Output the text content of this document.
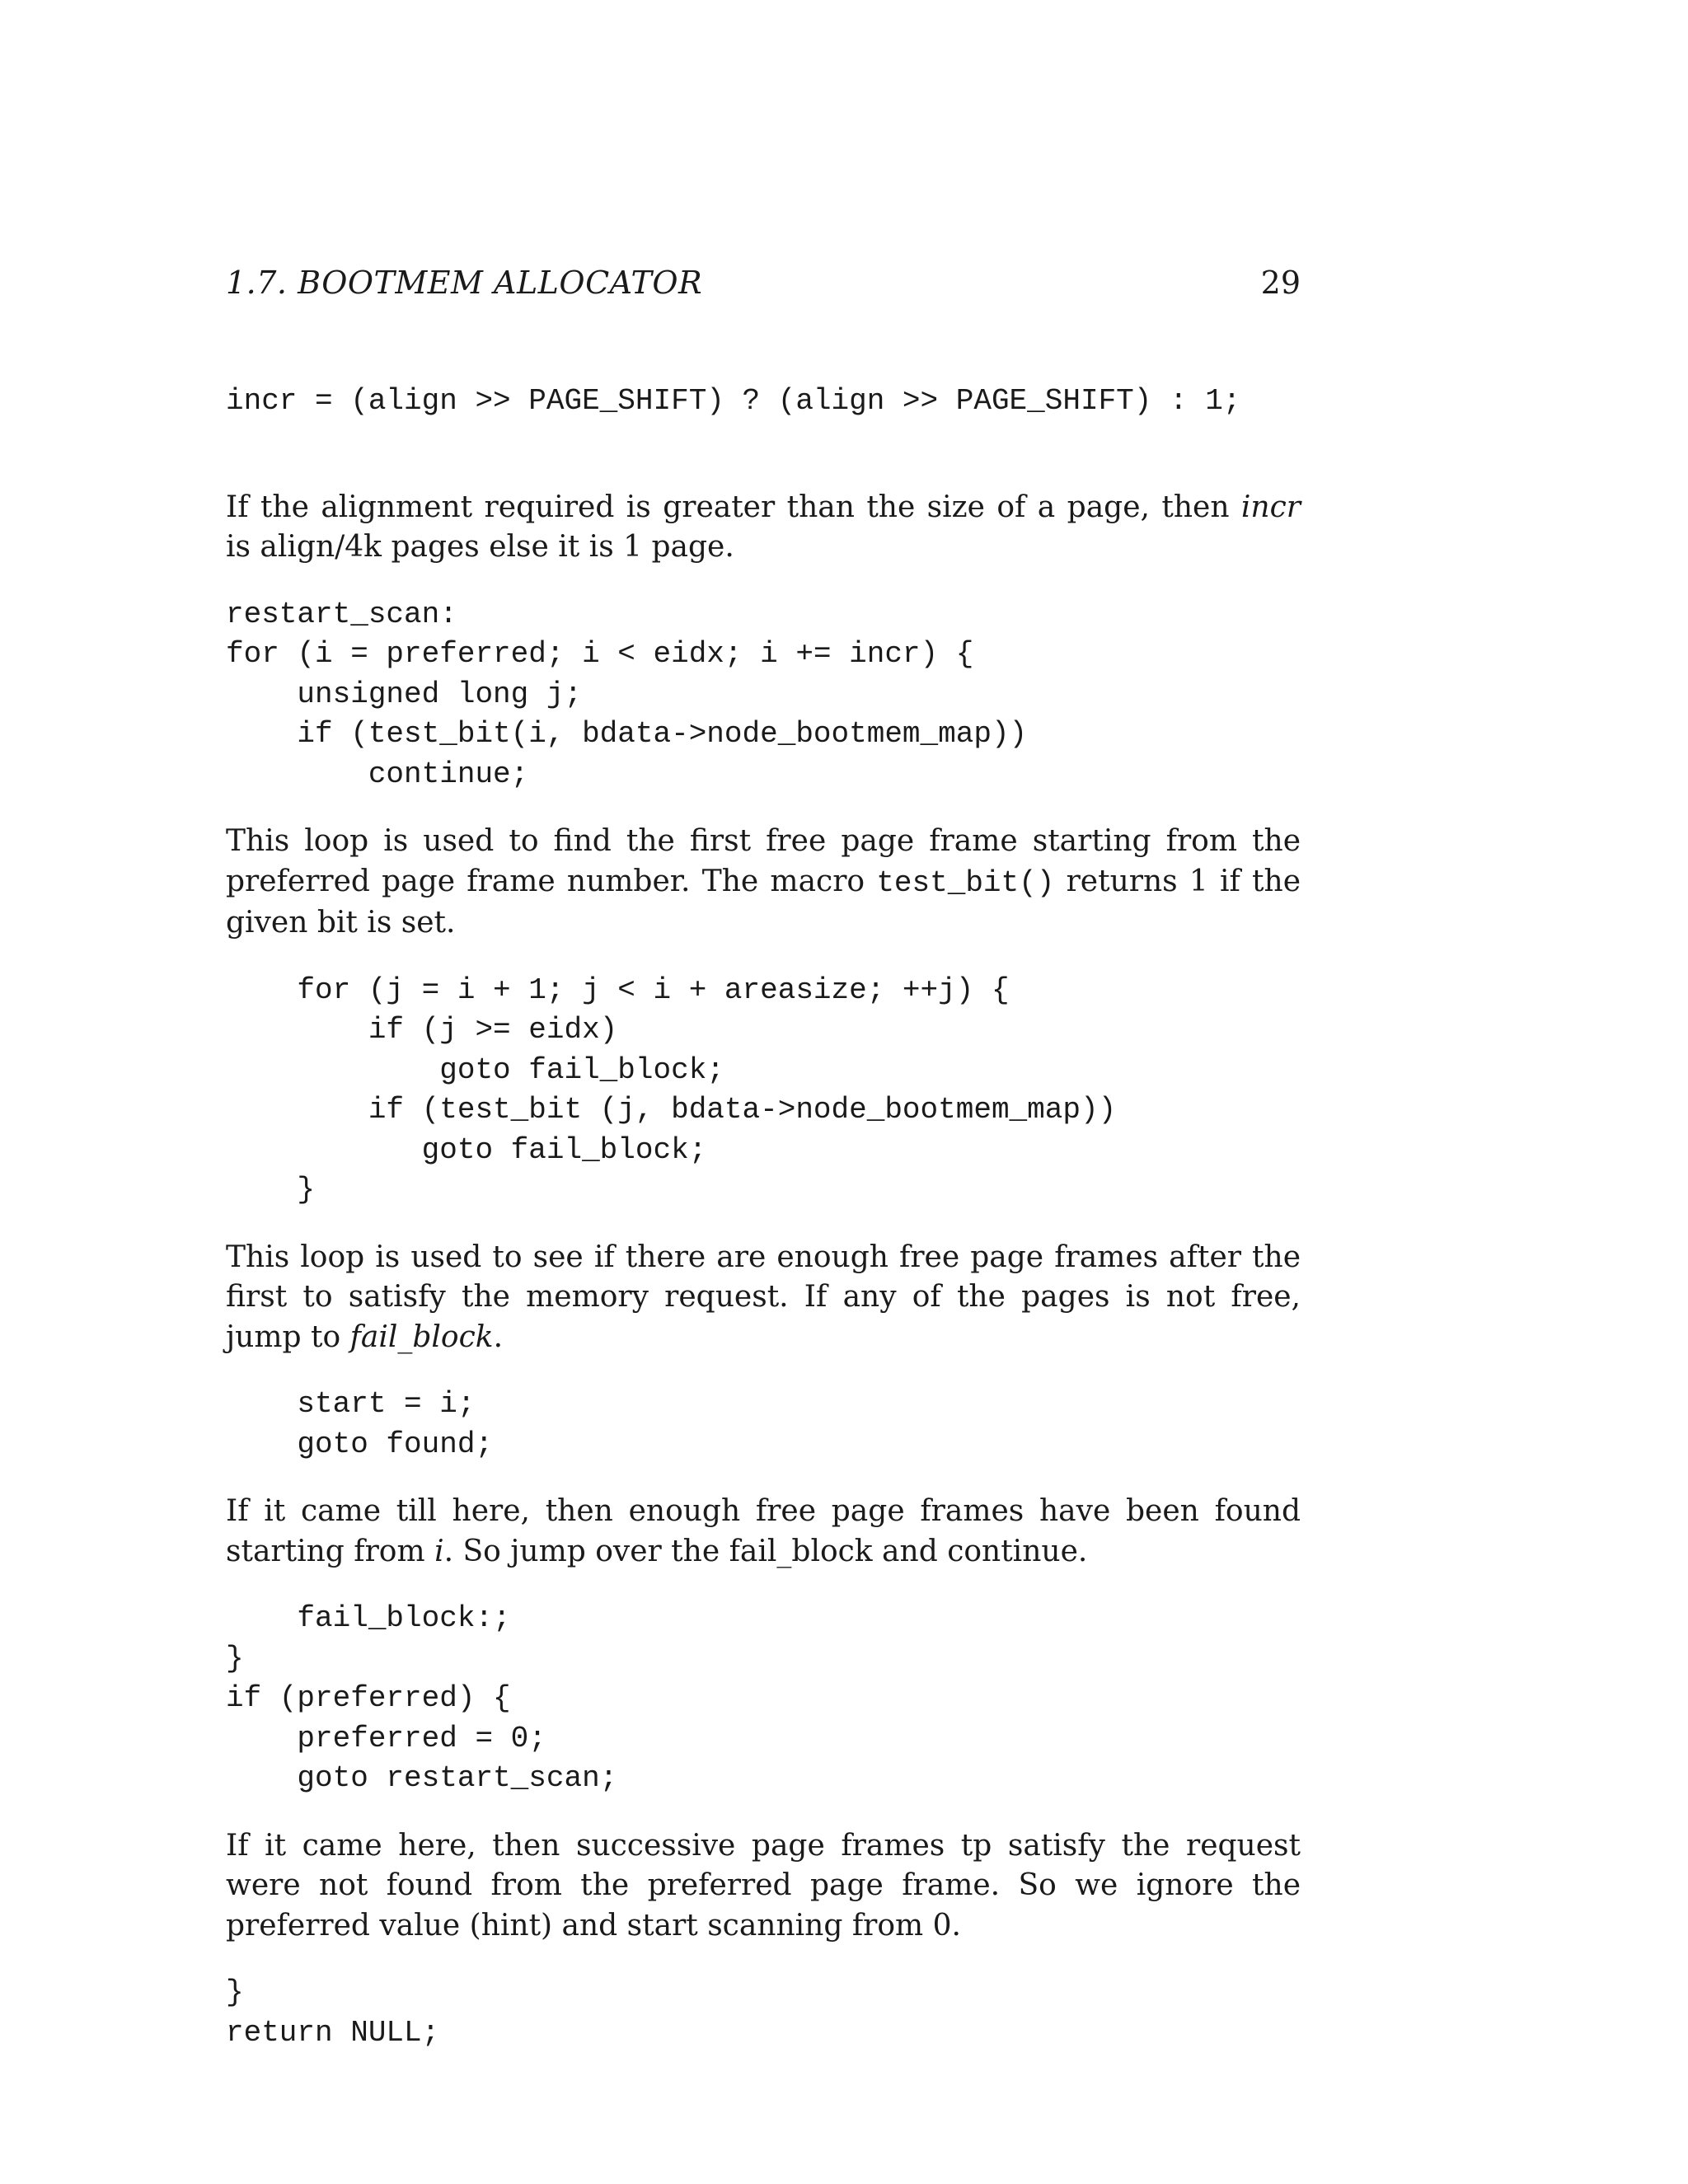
1.7. BOOTMEM ALLOCATOR	29
incr = (align >> PAGE_SHIFT) ? (align >> PAGE_SHIFT) : 1;

If the alignment required is greater than the size of a page, then incr is align/4k pages else it is 1 page.

restart_scan:
for (i = preferred; i < eidx; i += incr) {
unsigned long j;
if (test_bit(i, bdata->node_bootmem_map))
continue;

This loop is used to find the first free page frame starting from the preferred page frame number. The macro test_bit() returns 1 if the given bit is set.

for (j = i + 1; j < i + areasize; ++j) {
if (j >= eidx)
goto fail_block;
if (test_bit (j, bdata->node_bootmem_map))
goto fail_block;
}

This loop is used to see if there are enough free page frames after the first to satisfy the memory request. If any of the pages is not free, jump to fail_block.

start = i;
goto found;

If it came till here, then enough free page frames have been found starting from i. So jump over the fail_block and continue.

fail_block:;
}
if (preferred) {
preferred = 0;
goto restart_scan;

If it came here, then successive page frames tp satisfy the request were not found from the preferred page frame. So we ignore the preferred value (hint) and start scanning from 0.

}
return NULL;
